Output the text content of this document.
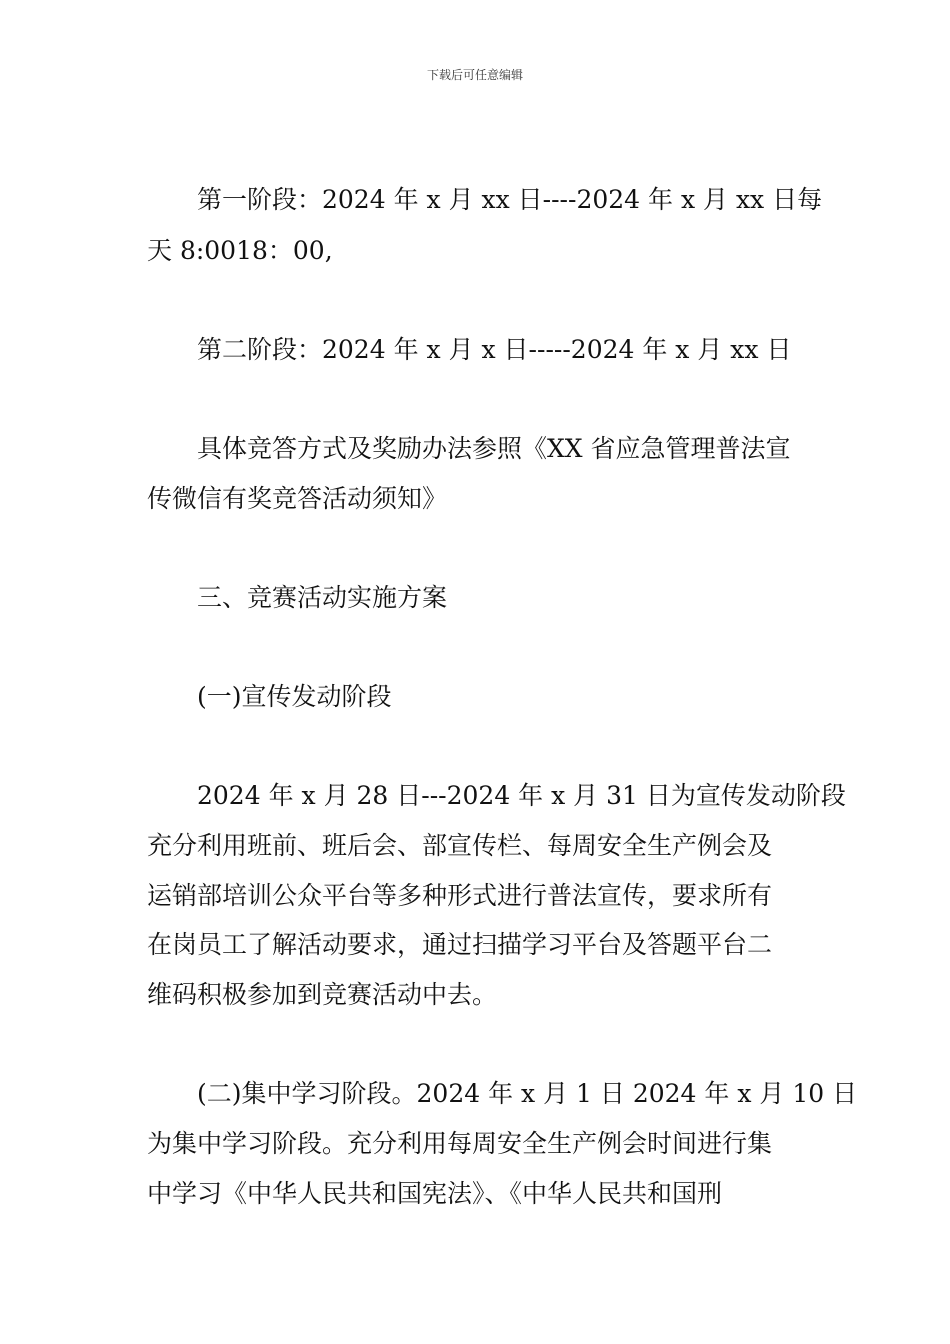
下载后可任意编辑
第一阶段：2024 年 x 月 xx 日----2024 年 x 月 xx 日每
天 8:0018：00,
第二阶段：2024 年 x 月 x 日-----2024 年 x 月 xx 日
具体竞答方式及奖励办法参照《XX 省应急管理普法宣
传微信有奖竞答活动须知》
三、竞赛活动实施方案
(一)宣传发动阶段
2024 年 x 月 28 日---2024 年 x 月 31 日为宣传发动阶段
充分利用班前、班后会、部宣传栏、每周安全生产例会及
运销部培训公众平台等多种形式进行普法宣传，要求所有
在岗员工了解活动要求，通过扫描学习平台及答题平台二
维码积极参加到竞赛活动中去。
(二)集中学习阶段。2024 年 x 月 1 日 2024 年 x 月 10 日
为集中学习阶段。充分利用每周安全生产例会时间进行集
中学习《中华人民共和国宪法》、《中华人民共和国刑
